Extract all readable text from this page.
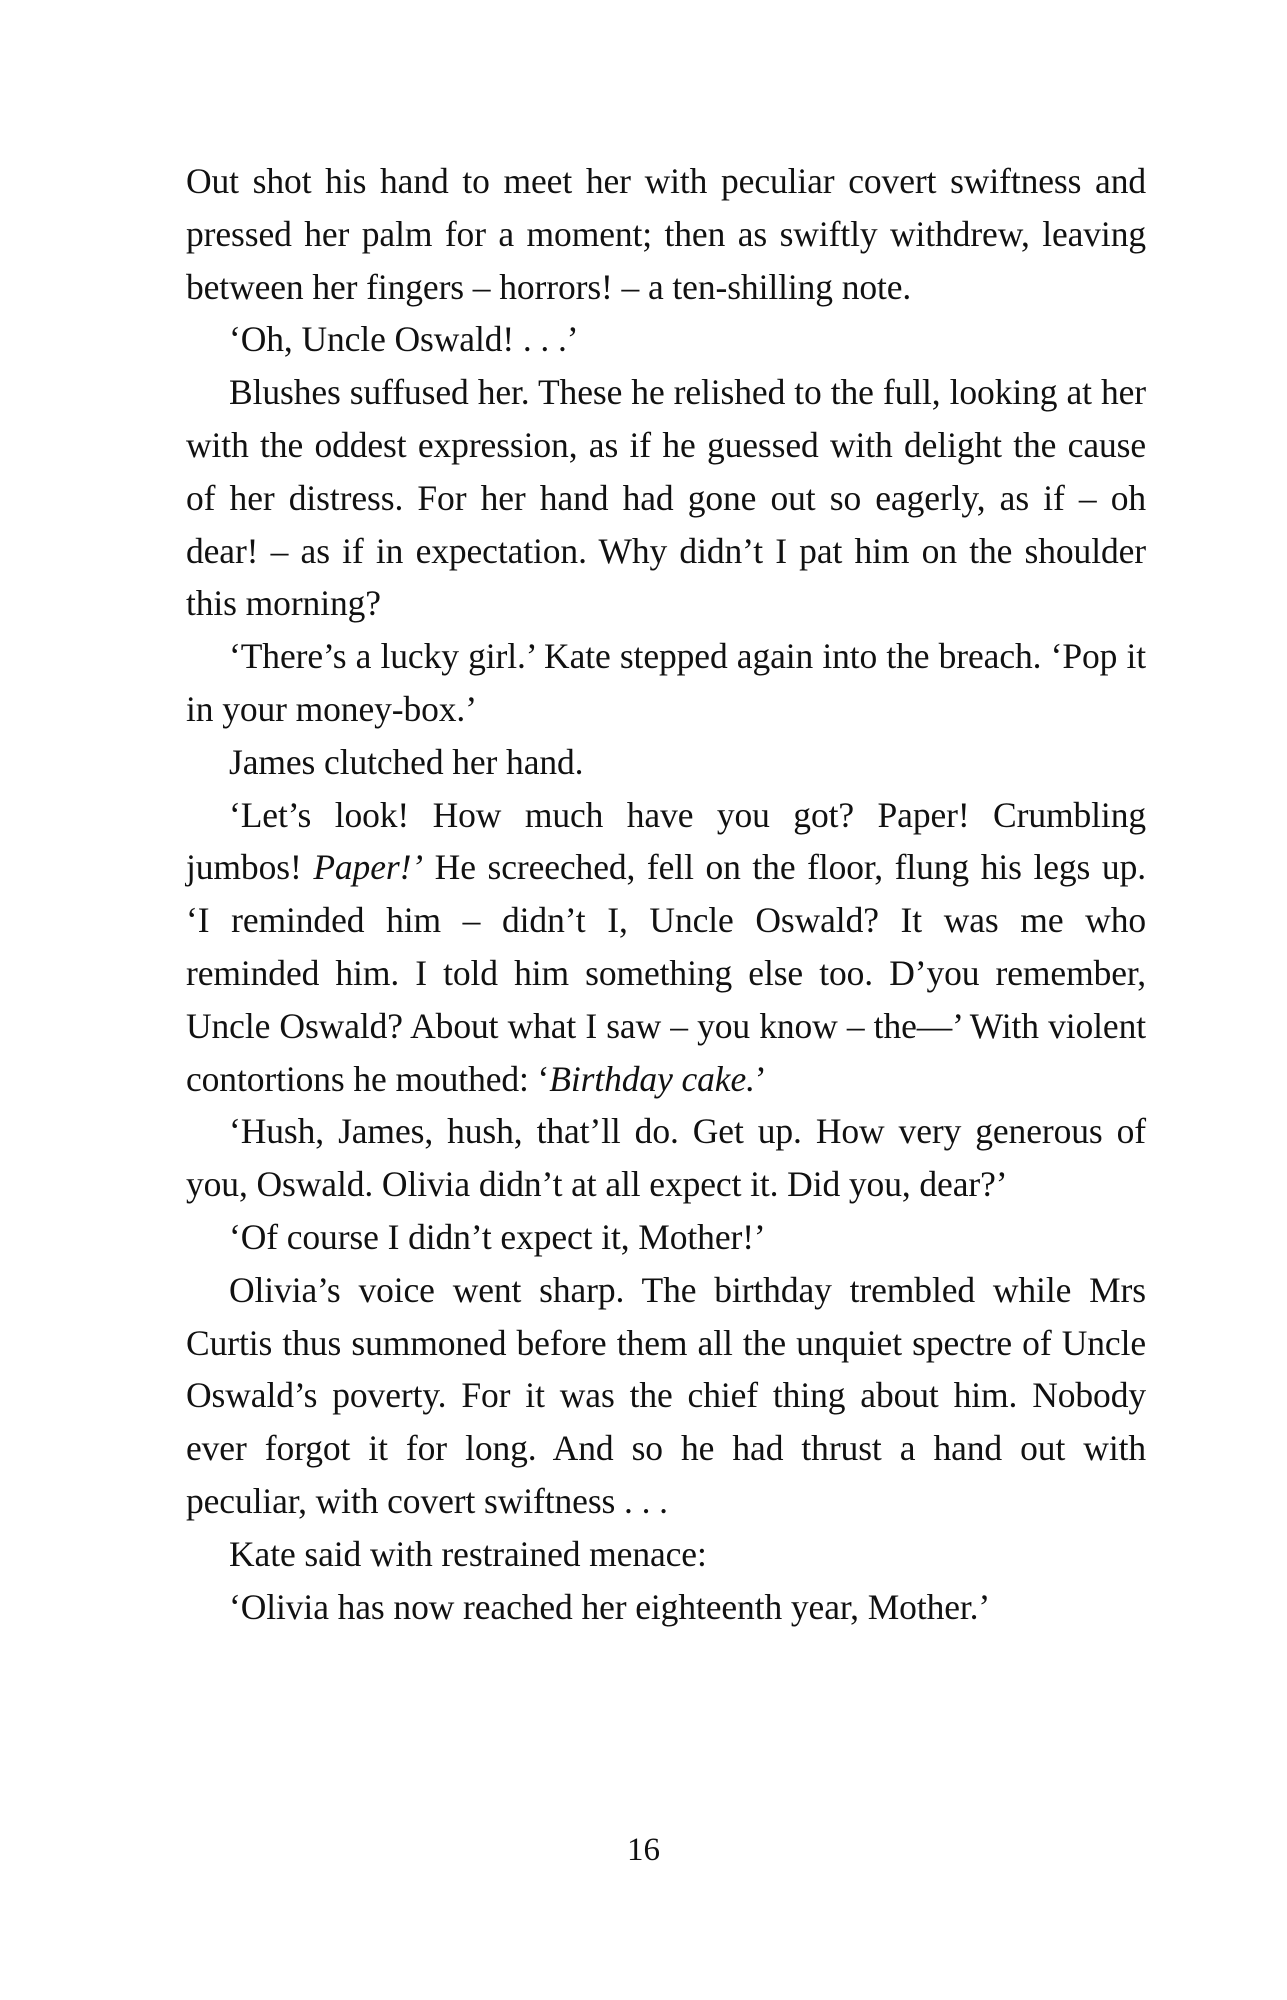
Out shot his hand to meet her with peculiar covert swiftness and pressed her palm for a moment; then as swiftly withdrew, leaving between her fingers – horrors! – a ten-shilling note.

‘Oh, Uncle Oswald! . . .’

Blushes suffused her. These he relished to the full, looking at her with the oddest expression, as if he guessed with delight the cause of her distress. For her hand had gone out so eagerly, as if – oh dear! – as if in expectation. Why didn’t I pat him on the shoulder this morning?

‘There’s a lucky girl.’ Kate stepped again into the breach. ‘Pop it in your money-box.’

James clutched her hand.

‘Let’s look! How much have you got? Paper! Crumbling jumbos! Paper!’ He screeched, fell on the floor, flung his legs up. ‘I reminded him – didn’t I, Uncle Oswald? It was me who reminded him. I told him something else too. D’you remember, Uncle Oswald? About what I saw – you know – the—’ With violent contortions he mouthed: ‘Birthday cake.’

‘Hush, James, hush, that’ll do. Get up. How very generous of you, Oswald. Olivia didn’t at all expect it. Did you, dear?’

‘Of course I didn’t expect it, Mother!’

Olivia’s voice went sharp. The birthday trembled while Mrs Curtis thus summoned before them all the unquiet spectre of Uncle Oswald’s poverty. For it was the chief thing about him. Nobody ever forgot it for long. And so he had thrust a hand out with peculiar, with covert swiftness . . .

Kate said with restrained menace:

‘Olivia has now reached her eighteenth year, Mother.’

16
